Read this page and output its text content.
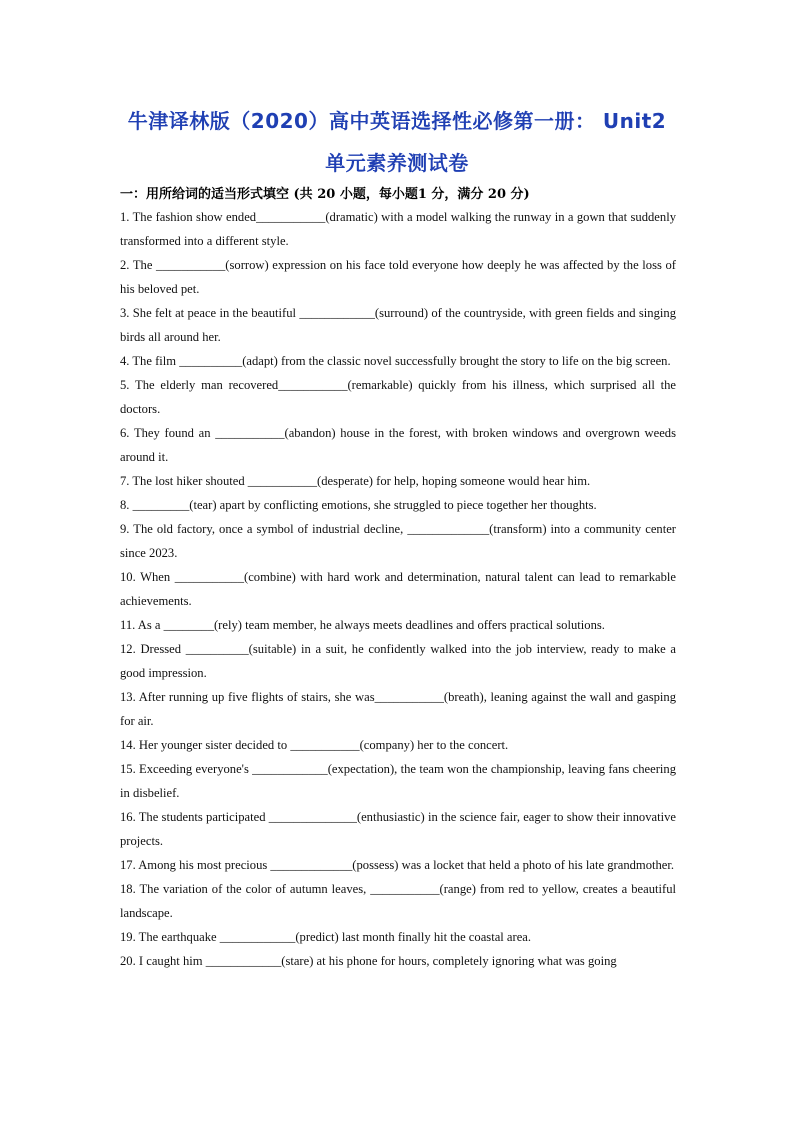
牛津译林版（2020）高中英语选择性必修第一册： Unit2
单元素养测试卷
一：用所给词的适当形式填空 (共 20 小题，每小题1 分，满分 20 分)

1. The fashion show ended___________(dramatic) with a model walking the runway in a gown that suddenly transformed into a different style.

2. The ___________(sorrow) expression on his face told everyone how deeply he was affected by the loss of his beloved pet.

3. She felt at peace in the beautiful ____________(surround) of the countryside, with green fields and singing birds all around her.

4. The film __________(adapt) from the classic novel successfully brought the story to life on the big screen.

5. The elderly man recovered___________(remarkable) quickly from his illness, which surprised all the doctors.

6. They found an ___________(abandon) house in the forest, with broken windows and overgrown weeds around it.

7. The lost hiker shouted ___________(desperate) for help, hoping someone would hear him.

8. _________(tear) apart by conflicting emotions, she struggled to piece together her thoughts.

9. The old factory, once a symbol of industrial decline, _____________(transform) into a community center since 2023.

10. When ___________(combine) with hard work and determination, natural talent can lead to remarkable achievements.

11. As a ________(rely) team member, he always meets deadlines and offers practical solutions.

12. Dressed __________(suitable) in a suit, he confidently walked into the job interview, ready to make a good impression.

13. After running up five flights of stairs, she was___________(breath), leaning against the wall and gasping for air.

14. Her younger sister decided to ___________(company) her to the concert.

15. Exceeding everyone's ____________(expectation), the team won the championship, leaving fans cheering in disbelief.

16. The students participated ______________(enthusiastic) in the science fair, eager to show their innovative projects.

17. Among his most precious _____________(possess) was a locket that held a photo of his late grandmother.

18. The variation of the color of autumn leaves, ___________(range) from red to yellow, creates a beautiful landscape.

19. The earthquake ____________(predict) last month finally hit the coastal area.

20. I caught him ____________(stare) at his phone for hours, completely ignoring what was going
